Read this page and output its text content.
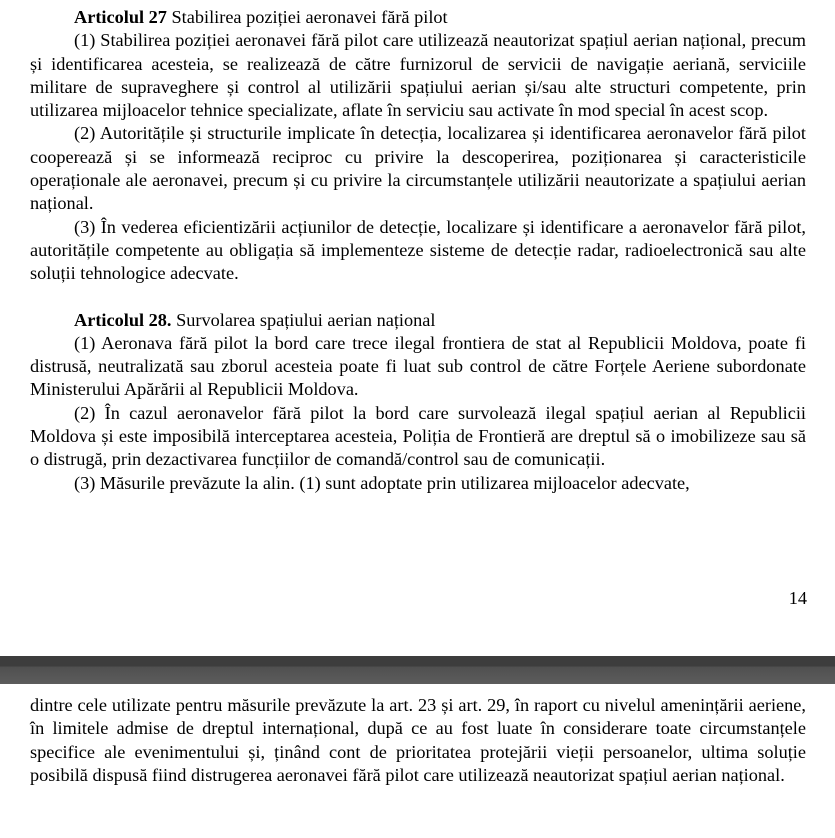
Articolul 27 Stabilirea poziției aeronavei fără pilot

(1) Stabilirea poziției aeronavei fără pilot care utilizează neautorizat spațiul aerian național, precum și identificarea acesteia, se realizează de către furnizorul de servicii de navigație aeriană, serviciile militare de supraveghere și control al utilizării spațiului aerian și/sau alte structuri competente, prin utilizarea mijloacelor tehnice specializate, aflate în serviciu sau activate în mod special în acest scop.

(2) Autoritățile și structurile implicate în detecția, localizarea și identificarea aeronavelor fără pilot cooperează și se informează reciproc cu privire la descoperirea, poziționarea și caracteristicile operaționale ale aeronavei, precum și cu privire la circumstanțele utilizării neautorizate a spațiului aerian național.

(3) În vederea eficientizării acțiunilor de detecție, localizare și identificare a aeronavelor fără pilot, autoritățile competente au obligația să implementeze sisteme de detecție radar, radioelectronică sau alte soluții tehnologice adecvate.

Articolul 28. Survolarea spațiului aerian național

(1) Aeronava fără pilot la bord care trece ilegal frontiera de stat al Republicii Moldova, poate fi distrusă, neutralizată sau zborul acesteia poate fi luat sub control de către Forțele Aeriene subordonate Ministerului Apărării al Republicii Moldova.

(2) În cazul aeronavelor fără pilot la bord care survolează ilegal spațiul aerian al Republicii Moldova și este imposibilă interceptarea acesteia, Poliția de Frontieră are dreptul să o imobilizeze sau să o distrugă, prin dezactivarea funcțiilor de comandă/control sau de comunicații.

(3) Măsurile prevăzute la alin. (1) sunt adoptate prin utilizarea mijloacelor adecvate,

14

dintre cele utilizate pentru măsurile prevăzute la art. 23 și art. 29, în raport cu nivelul amenințării aeriene, în limitele admise de dreptul internațional, după ce au fost luate în considerare toate circumstanțele specifice ale evenimentului și, ținând cont de prioritatea protejării vieții persoanelor, ultima soluție posibilă dispusă fiind distrugerea aeronavei fără pilot care utilizează neautorizat spațiul aerian național.
